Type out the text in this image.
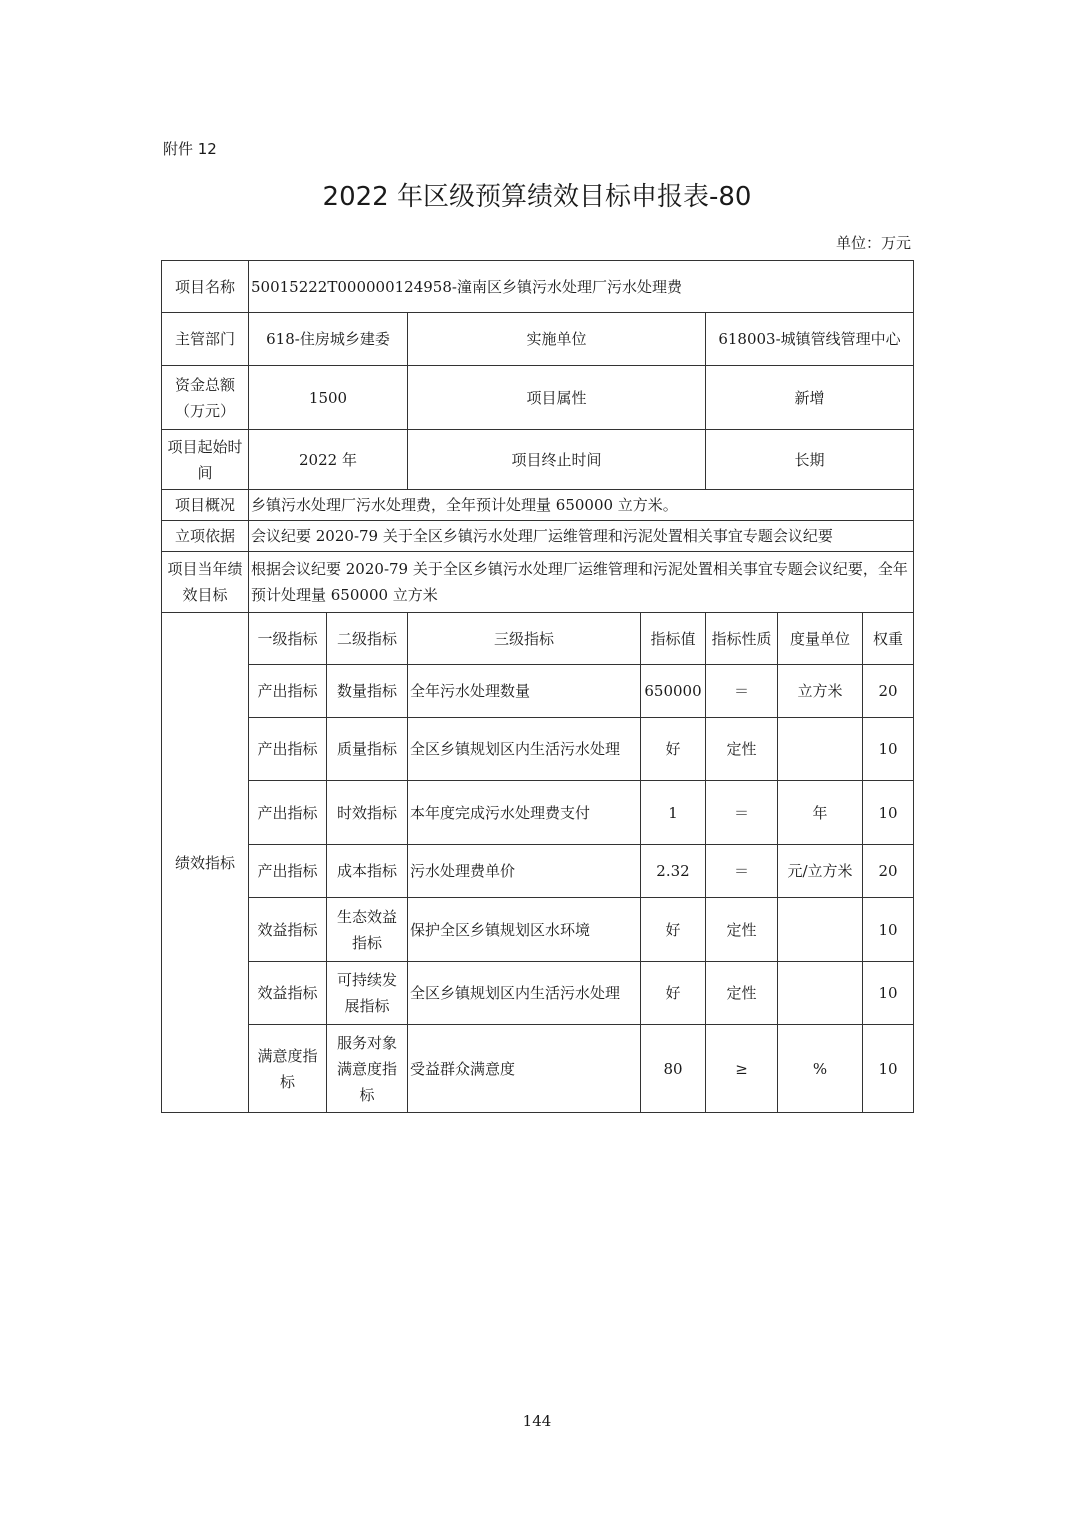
附件 12
2022 年区级预算绩效目标申报表-80
单位：万元
项目名称	50015222T000000124958-潼南区乡镇污水处理厂污水处理费						
主管部门	618-住房城乡建委		实施单位		618003-城镇管线管理中心		
资金总额
（万元）	1500		项目属性		新增		
项目起始时
间	2022 年		项目终止时间		长期		
项目概况	乡镇污水处理厂污水处理费，全年预计处理量 650000 立方米。						
立项依据	会议纪要 2020-79 关于全区乡镇污水处理厂运维管理和污泥处置相关事宜专题会议纪要						
项目当年绩
效目标	根据会议纪要 2020-79 关于全区乡镇污水处理厂运维管理和污泥处置相关事宜专题会议纪要，全年预计处理量 650000 立方米						
绩效指标	一级指标	二级指标	三级指标	指标值	指标性质	度量单位	权重
	产出指标	数量指标	全年污水处理数量	650000	＝	立方米	20
	产出指标	质量指标	全区乡镇规划区内生活污水处理	好	定性		10
	产出指标	时效指标	本年度完成污水处理费支付	1	＝	年	10
	产出指标	成本指标	污水处理费单价	2.32	＝	元/立方米	20
	效益指标	生态效益指标	保护全区乡镇规划区水环境	好	定性		10
	效益指标	可持续发展指标	全区乡镇规划区内生活污水处理	好	定性		10
	满意度指标	服务对象满意度指标	受益群众满意度	80	≥	%	10
144
